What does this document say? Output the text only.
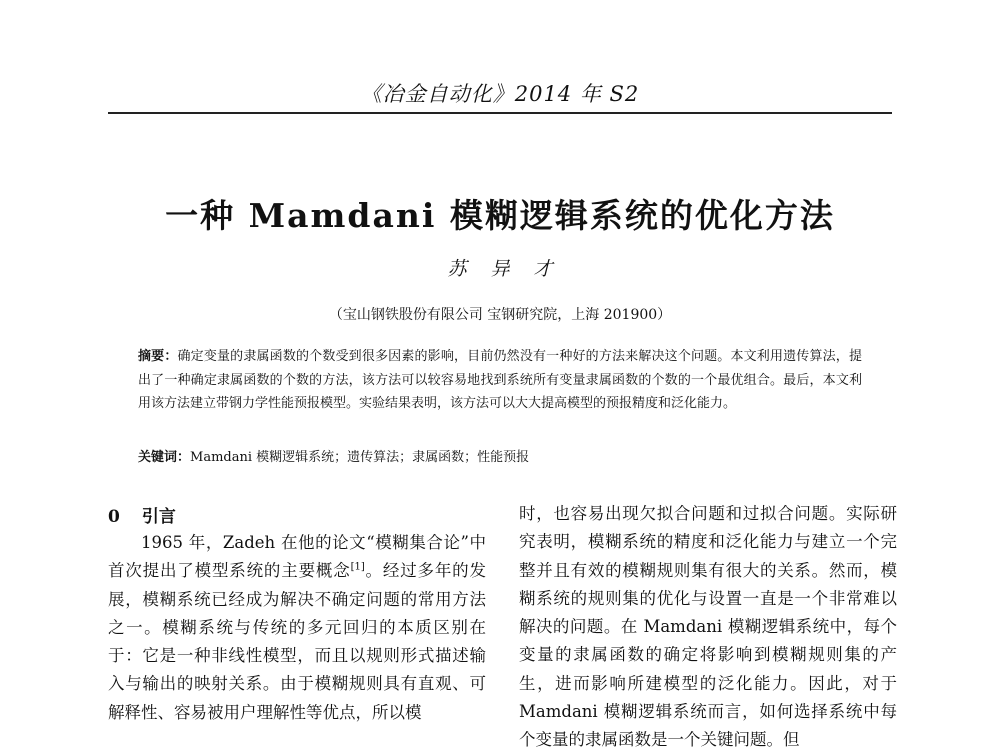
《冶金自动化》2014 年 S2
一种 Mamdani 模糊逻辑系统的优化方法
苏 异 才
（宝山钢铁股份有限公司 宝钢研究院，上海 201900）
摘要：确定变量的隶属函数的个数受到很多因素的影响，目前仍然没有一种好的方法来解决这个问题。本文利用遗传算法，提出了一种确定隶属函数的个数的方法，该方法可以较容易地找到系统所有变量隶属函数的个数的一个最优组合。最后，本文利用该方法建立带钢力学性能预报模型。实验结果表明，该方法可以大大提高模型的预报精度和泛化能力。
关键词：Mamdani 模糊逻辑系统；遗传算法；隶属函数；性能预报
0 引言
1965 年，Zadeh 在他的论文“模糊集合论”中首次提出了模型系统的主要概念[1]。经过多年的发展，模糊系统已经成为解决不确定问题的常用方法之一。模糊系统与传统的多元回归的本质区别在于：它是一种非线性模型，而且以规则形式描述输入与输出的映射关系。由于模糊规则具有直观、可解释性、容易被用户理解性等优点，所以模
时，也容易出现欠拟合问题和过拟合问题。实际研究表明，模糊系统的精度和泛化能力与建立一个完整并且有效的模糊规则集有很大的关系。然而，模糊系统的规则集的优化与设置一直是一个非常难以解决的问题。在 Mamdani 模糊逻辑系统中，每个变量的隶属函数的确定将影响到模糊规则集的产生，进而影响所建模型的泛化能力。因此，对于 Mamdani 模糊逻辑系统而言，如何选择系统中每个变量的隶属函数是一个关键问题。但
